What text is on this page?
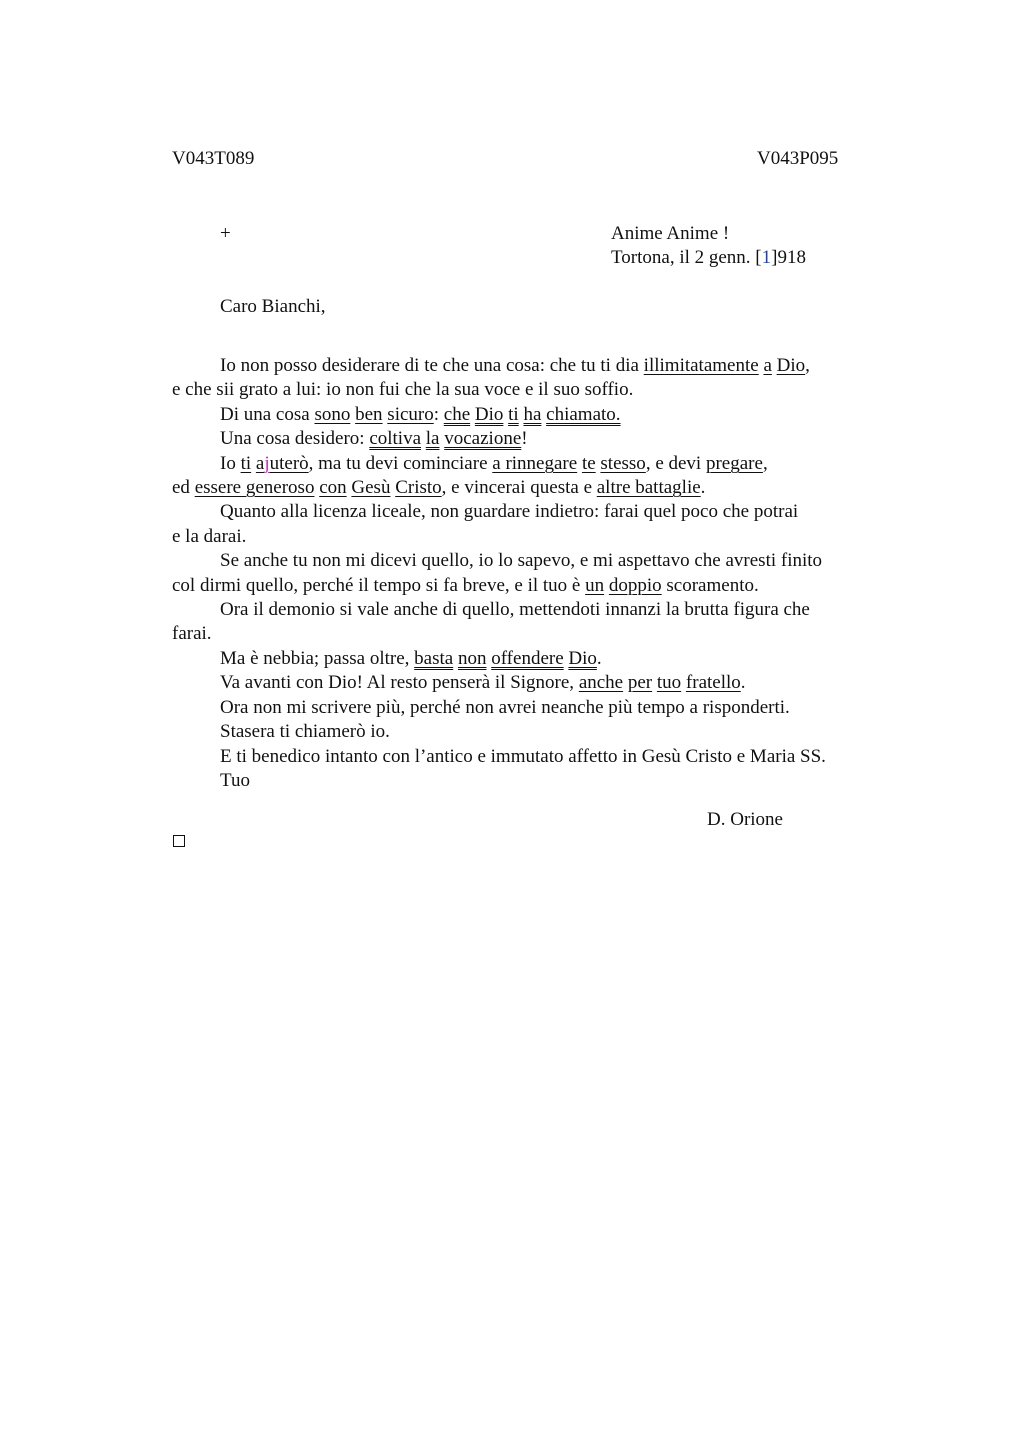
V043T089	V043P095
+	Anime Anime !
Tortona, il 2 genn. [1]918
Caro Bianchi,
Io non posso desiderare di te che una cosa: che tu ti dia illimitatamente a Dio,
e che sii grato a lui: io non fui che la sua voce e il suo soffio.
Di una cosa sono ben sicuro: che Dio ti ha chiamato.
Una cosa desidero: coltiva la vocazione!
Io ti ajuterò, ma tu devi cominciare a rinnegare te stesso, e devi pregare,
ed essere generoso con Gesù Cristo, e vincerai questa e altre battaglie.
Quanto alla licenza liceale, non guardare indietro: farai quel poco che potrai
e la darai.
Se anche tu non mi dicevi quello, io lo sapevo, e mi aspettavo che avresti finito
col dirmi quello, perché il tempo si fa breve, e il tuo è un doppio scoramento.
Ora il demonio si vale anche di quello, mettendoti innanzi la brutta figura che
farai.
Ma è nebbia; passa oltre, basta non offendere Dio.
Va avanti con Dio! Al resto penserà il Signore, anche per tuo fratello.
Ora non mi scrivere più, perché non avrei neanche più tempo a risponderti.
Stasera ti chiamerò io.
E ti benedico intanto con l’antico e immutato affetto in Gesù Cristo e Maria SS.
Tuo
D. Orione
